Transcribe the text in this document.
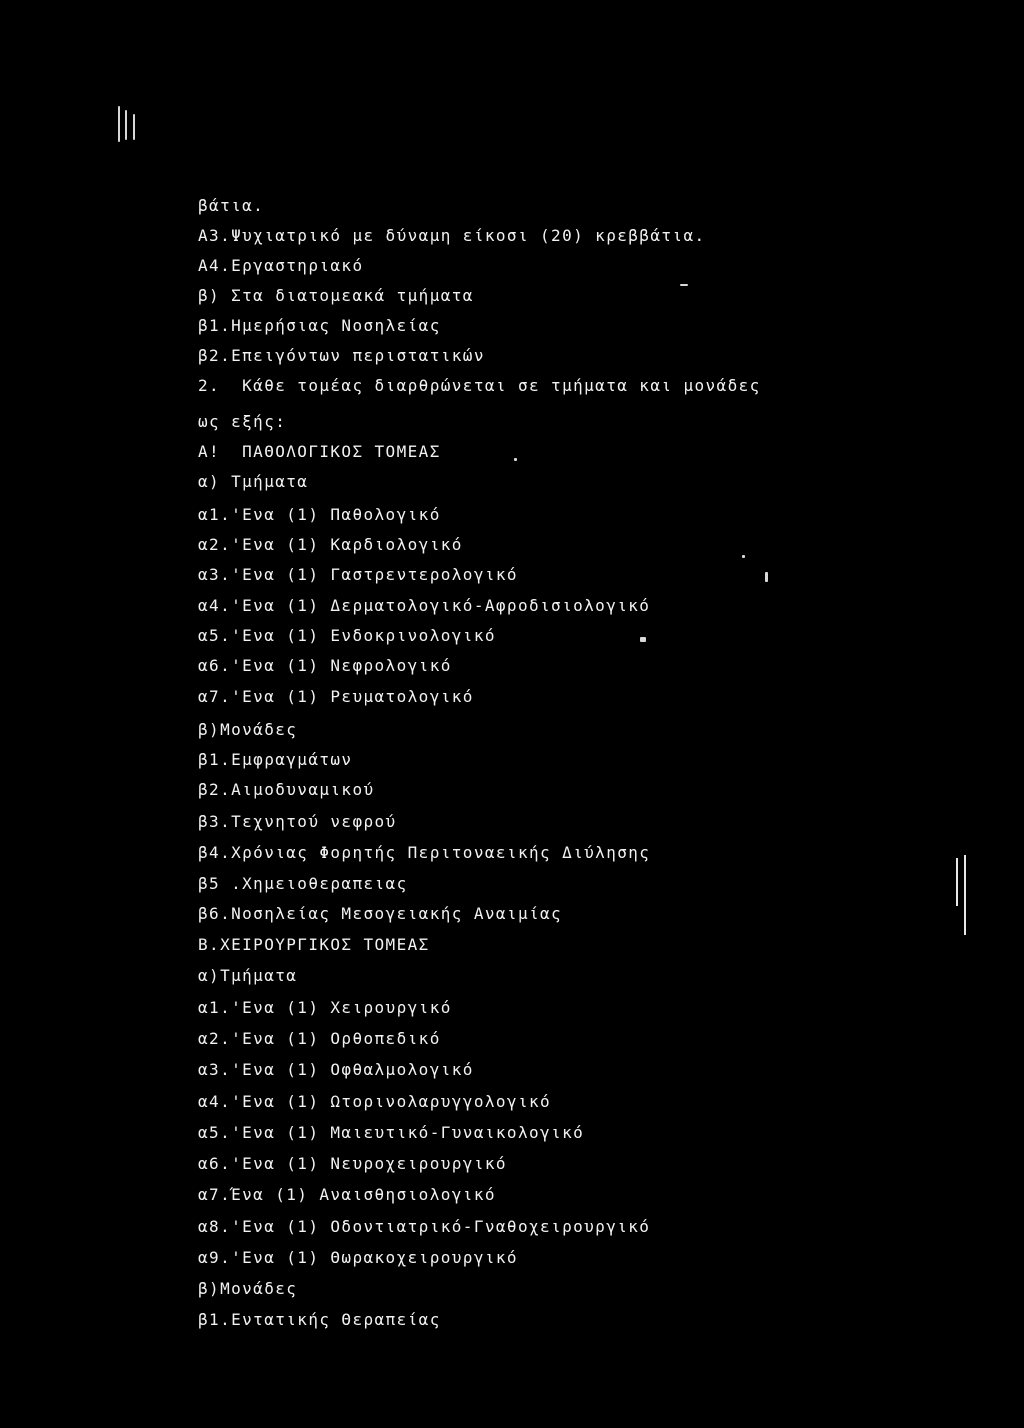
βάτια.
Α3.Ψυχιατρικό με δύναμη είκοσι (20) κρεββάτια.
Α4.Εργαστηριακό
β) Στα διατομεακά τμήματα
β1.Ημερήσιας Νοσηλείας
β2.Επειγόντων περιστατικών
2.  Κάθε τομέας διαρθρώνεται σε τμήματα και μονάδες
ως εξής:
Α!  ΠΑΘΟΛΟΓΙΚΟΣ ΤΟΜΕΑΣ
α) Τμήματα
α1.'Ενα (1) Παθολογικό
α2.'Ενα (1) Καρδιολογικό
α3.'Ενα (1) Γαστρεντερολογικό
α4.'Ενα (1) Δερματολογικό-Αφροδισιολογικό
α5.'Ενα (1) Ενδοκρινολογικό
α6.'Ενα (1) Νεφρολογικό
α7.'Ενα (1) Ρευματολογικό
β)Μονάδες
β1.Εμφραγμάτων
β2.Αιμοδυναμικού
β3.Τεχνητού νεφρού
β4.Χρόνιας Φορητής Περιτοναεικής Διύλησης
β5 .Χημειοθεραπειας
β6.Νοσηλείας Μεσογειακής Αναιμίας
Β.ΧΕΙΡΟΥΡΓΙΚΟΣ ΤΟΜΕΑΣ
α)Τμήματα
α1.'Ενα (1) Χειρουργικό
α2.'Ενα (1) Ορθοπεδικό
α3.'Ενα (1) Οφθαλμολογικό
α4.'Ενα (1) Ωτορινολαρυγγολογικό
α5.'Ενα (1) Μαιευτικό-Γυναικολογικό
α6.'Ενα (1) Νευροχειρουργικό
α7.Ένα (1) Αναισθησιολογικό
α8.'Ενα (1) Οδοντιατρικό-Γναθοχειρουργικό
α9.'Ενα (1) Θωρακοχειρουργικό
β)Μονάδες
β1.Εντατικής Θεραπείας
